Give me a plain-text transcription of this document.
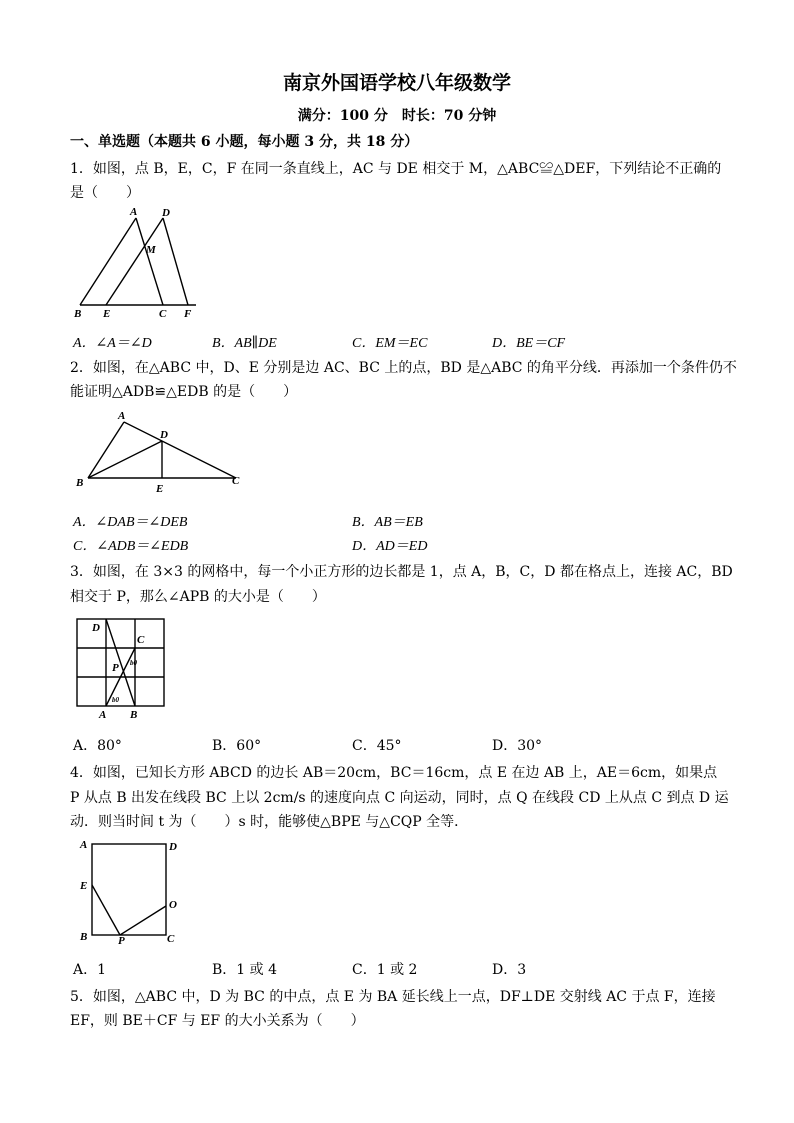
南京外国语学校八年级数学
满分：100 分　时长：70 分钟
一、单选题（本题共 6 小题，每小题 3 分，共 18 分）
1．如图，点 B，E，C，F 在同一条直线上，AC 与 DE 相交于 M，△ABC≌△DEF，下列结论不正确的
是（　　）
A D
M
B E	C F
A．∠A＝∠D	B．AB∥DE	C．EM＝EC	D．BE＝CF
2．如图，在△ABC 中，D、E 分别是边 AC、BC 上的点，BD 是△ABC 的角平分线．再添加一个条件仍不
能证明△ADB≌△EDB 的是（　　）
A
D
B	E
C
A．∠DAB＝∠DEB	B．AB＝EB
C．∠ADB＝∠EDB	D．AD＝ED
3．如图，在 3×3 的网格中，每一个小正方形的边长都是 1，点 A，B，C，D 都在格点上，连接 AC，BD
相交于 P，那么∠APB 的大小是（　　）
D
C
P b0
b0
A B
A．80°	B．60°	C．45°	D．30°
4．如图，已知长方形 ABCD 的边长 AB＝20cm，BC＝16cm，点 E 在边 AB 上，AE＝6cm，如果点
P 从点 B 出发在线段 BC 上以 2cm/s 的速度向点 C 向运动，同时，点 Q 在线段 CD 上从点 C 到点 D 运
动．则当时间 t 为（　　）s 时，能够使△BPE 与△CQP 全等．
A	D
E
O
B	P	C
A．1	B．1 或 4	C．1 或 2	D．3
5．如图，△ABC 中，D 为 BC 的中点，点 E 为 BA 延长线上一点，DF⊥DE 交射线 AC 于点 F，连接
EF，则 BE＋CF 与 EF 的大小关系为（　　）
